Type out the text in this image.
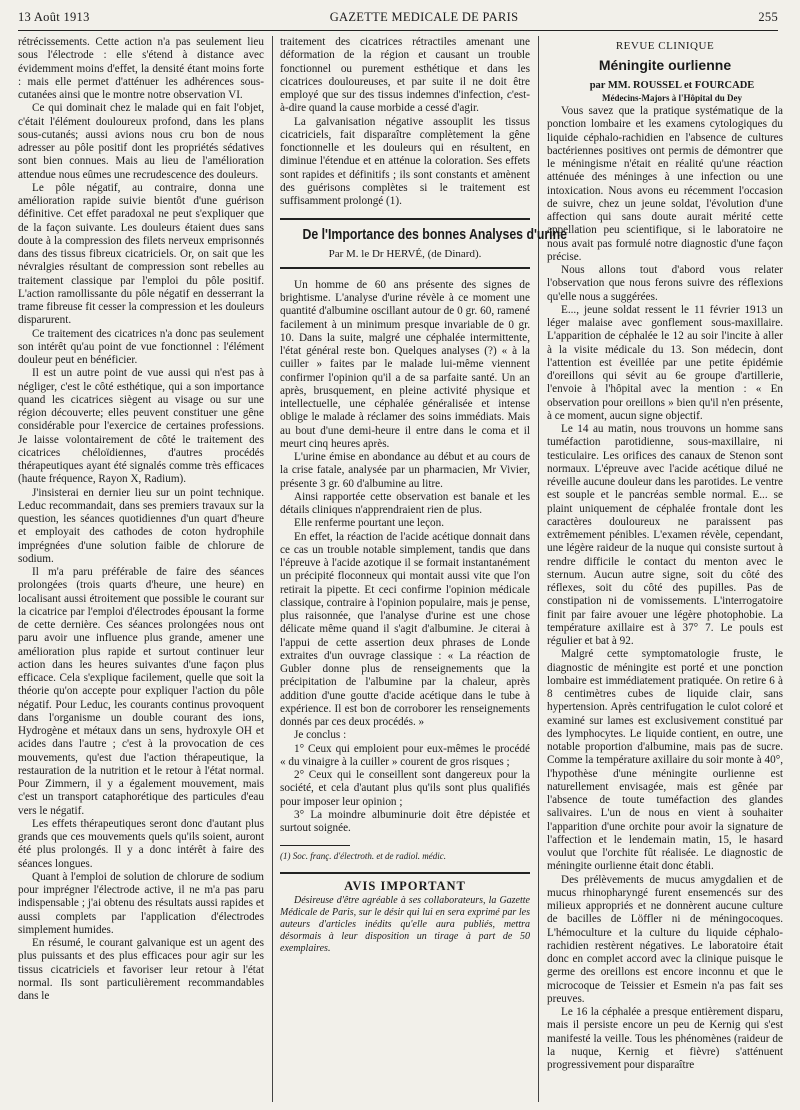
13 Août 1913	GAZETTE MEDICALE DE PARIS	255

rétrécissements. Cette action n'a pas seulement lieu sous l'électrode : elle s'étend à distance avec évidemment moins d'effet, la densité étant moins forte : mais elle permet d'atténuer les adhérences sous-cutanées ainsi que le montre notre observation VI.

Ce qui dominait chez le malade qui en fait l'objet, c'était l'élément douloureux profond, dans les plans sous-cutanés; aussi avions nous cru bon de nous adresser au pôle positif dont les propriétés sédatives sont bien connues. Mais au lieu de l'amélioration attendue nous eûmes une recrudescence des douleurs.

Le pôle négatif, au contraire, donna une amélioration rapide suivie bientôt d'une guérison définitive. Cet effet paradoxal ne peut s'expliquer que de la façon suivante. Les douleurs étaient dues sans doute à la compression des filets nerveux emprisonnés dans des tissus fibreux cicatriciels. Or, on sait que les névralgies résultant de compression sont rebelles au traitement classique par l'emploi du pôle positif. L'action ramollissante du pôle négatif en desserrant la trame fibreuse fit cesser la compression et les douleurs disparurent.

Ce traitement des cicatrices n'a donc pas seulement son intérêt qu'au point de vue fonctionnel : l'élément douleur peut en bénéficier.

Il est un autre point de vue aussi qui n'est pas à négliger, c'est le côté esthétique, qui a son importance quand les cicatrices siègent au visage ou sur une région découverte; elles peuvent constituer une gêne considérable pour l'exercice de certaines professions. Je laisse volontairement de côté le traitement des cicatrices chéloïdiennes, d'autres procédés thérapeutiques ayant été signalés comme très efficaces (haute fréquence, Rayon X, Radium).

J'insisterai en dernier lieu sur un point technique. Leduc recommandait, dans ses premiers travaux sur la question, les séances quotidiennes d'un quart d'heure et employait des cathodes de coton hydrophile imprégnées d'une solution faible de chlorure de sodium.

Il m'a paru préférable de faire des séances prolongées (trois quarts d'heure, une heure) en localisant aussi étroitement que possible le courant sur la cicatrice par l'emploi d'électrodes épousant la forme de cette dernière. Ces séances prolongées nous ont paru avoir une influence plus grande, amener une amélioration plus rapide et surtout continuer leur action dans les heures suivantes d'une façon plus efficace. Cela s'explique facilement, quelle que soit la théorie qu'on accepte pour expliquer l'action du pôle négatif. Pour Leduc, les courants continus provoquent dans l'organisme un double courant des ions, Hydrogène et métaux dans un sens, hydroxyle OH et acides dans l'autre ; c'est à la provocation de ces mouvements, qu'est due l'action thérapeutique, la restauration de la nutrition et le retour à l'état normal. Pour Zimmern, il y a également mouvement, mais c'est un transport cataphorétique des particules d'eau vers le négatif.

Les effets thérapeutiques seront donc d'autant plus grands que ces mouvements quels qu'ils soient, auront été plus prolongés. Il y a donc intérêt à faire des séances longues.

Quant à l'emploi de solution de chlorure de sodium pour imprégner l'électrode active, il ne m'a pas paru indispensable ; j'ai obtenu des résultats aussi rapides et aussi complets par l'application d'électrodes simplement humides.

En résumé, le courant galvanique est un agent des plus puissants et des plus efficaces pour agir sur les tissus cicatriciels et favoriser leur retour à l'état normal. Ils sont particulièrement recommandables dans le

traitement des cicatrices rétractiles amenant une déformation de la région et causant un trouble fonctionnel ou purement esthétique et dans les cicatrices douloureuses, et par suite il ne doit être employé que sur des tissus indemnes d'infection, c'est-à-dire quand la cause morbide a cessé d'agir.

La galvanisation négative assouplit les tissus cicatriciels, fait disparaître complètement la gêne fonctionnelle et les douleurs qui en résultent, en diminue l'étendue et en atténue la coloration. Ses effets sont rapides et définitifs ; ils sont constants et amènent des guérisons complètes si le traitement est suffisamment prolongé (1).

De l'Importance des bonnes Analyses d'urine
Par M. le Dr HERVÉ, (de Dinard).

Un homme de 60 ans présente des signes de brightisme. L'analyse d'urine révèle à ce moment une quantité d'albumine oscillant autour de 0 gr. 60, ramené facilement à un minimum presque invariable de 0 gr. 10. Dans la suite, malgré une céphalée intermittente, l'état général reste bon. Quelques analyses (?) « à la cuiller » faites par le malade lui-même viennent confirmer l'opinion qu'il a de sa parfaite santé. Un an après, brusquement, en pleine activité physique et intellectuelle, une céphalée généralisée et intense oblige le malade à réclamer des soins immédiats. Mais au bout d'une demi-heure il entre dans le coma et il meurt cinq heures après.

L'urine émise en abondance au début et au cours de la crise fatale, analysée par un pharmacien, Mr Vivier, présente 3 gr. 60 d'albumine au litre.

Ainsi rapportée cette observation est banale et les détails cliniques n'apprendraient rien de plus.

Elle renferme pourtant une leçon.

En effet, la réaction de l'acide acétique donnait dans ce cas un trouble notable simplement, tandis que dans l'épreuve à l'acide azotique il se formait instantanément un précipité floconneux qui montait aussi vite que l'on retirait la pipette. Et ceci confirme l'opinion médicale classique, contraire à l'opinion populaire, mais je pense, plus raisonnée, que l'analyse d'urine est une chose délicate même quand il s'agit d'albumine. Je citerai à l'appui de cette assertion deux phrases de Londe extraites d'un ouvrage classique : « La réaction de Gubler donne plus de renseignements que la précipitation de l'albumine par la chaleur, après addition d'une goutte d'acide acétique dans le tube à expérience. Il est bon de corroborer les renseignements donnés par ces deux procédés. »

Je conclus :

1° Ceux qui emploient pour eux-mêmes le procédé « du vinaigre à la cuiller » courent de gros risques ;

2° Ceux qui le conseillent sont dangereux pour la société, et cela d'autant plus qu'ils sont plus qualifiés pour imposer leur opinion ;

3° La moindre albuminurie doit être dépistée et surtout soignée.

(1) Soc. franç. d'électroth. et de radiol. médic.

AVIS IMPORTANT

Désireuse d'être agréable à ses collaborateurs, la Gazette Médicale de Paris, sur le désir qui lui en sera exprimé par les auteurs d'articles inédits qu'elle aura publiés, mettra désormais à leur disposition un tirage à part de 50 exemplaires.

REVUE CLINIQUE
Méningite ourlienne

par MM. ROUSSEL et FOURCADE

Médecins-Majors à l'Hôpital du Dey

Vous savez que la pratique systématique de la ponction lombaire et les examens cytologiques du liquide céphalo-rachidien en l'absence de cultures bactériennes positives ont permis de démontrer que le méningisme n'était en réalité qu'une réaction atténuée des méninges à une infection ou une intoxication. Nous avons eu récemment l'occasion de suivre, chez un jeune soldat, l'évolution d'une affection qui sans doute aurait mérité cette appellation peu scientifique, si le laboratoire ne nous avait pas formulé notre diagnostic d'une façon précise.

Nous allons tout d'abord vous relater l'observation que nous ferons suivre des réflexions qu'elle nous a suggérées.

E..., jeune soldat ressent le 11 février 1913 un léger malaise avec gonflement sous-maxillaire. L'apparition de céphalée le 12 au soir l'incite à aller à la visite médicale du 13. Son médecin, dont l'attention est éveillée par une petite épidémie d'oreillons qui sévit au 6e groupe d'artillerie, l'envoie à l'hôpital avec la mention : « En observation pour oreillons » bien qu'il n'en présente, à ce moment, aucun signe objectif.

Le 14 au matin, nous trouvons un homme sans tuméfaction parotidienne, sous-maxillaire, ni testiculaire. Les orifices des canaux de Stenon sont normaux. L'épreuve avec l'acide acétique dilué ne réveille aucune douleur dans les parotides. Le ventre est souple et le pancréas semble normal. E... se plaint uniquement de céphalée frontale dont les caractères douloureux ne paraissent pas extrêmement pénibles. L'examen révèle, cependant, une légère raideur de la nuque qui consiste surtout à rendre difficile le contact du menton avec le sternum. Aucun autre signe, soit du côté des réflexes, soit du côté des pupilles. Pas de constipation ni de vomissements. L'interrogatoire finit par faire avouer une légère photophobie. La température axillaire est à 37° 7. Le pouls est régulier et bat à 92.

Malgré cette symptomatologie fruste, le diagnostic de méningite est porté et une ponction lombaire est immédiatement pratiquée. On retire 6 à 8 centimètres cubes de liquide clair, sans hypertension. Après centrifugation le culot coloré et examiné sur lames est exclusivement constitué par des lymphocytes. Le liquide contient, en outre, une notable proportion d'albumine, mais pas de sucre. Comme la température axillaire du soir monte à 40°, l'hypothèse d'une méningite ourlienne est naturellement envisagée, mais est gênée par l'absence de toute tuméfaction des glandes salivaires. L'un de nous en vient à souhaiter l'apparition d'une orchite pour avoir la signature de l'affection et le lendemain matin, 15, le hasard voulut que l'orchite fût réalisée. Le diagnostic de méningite ourlienne était donc établi.

Des prélèvements de mucus amygdalien et de mucus rhinopharyngé furent ensemencés sur des milieux appropriés et ne donnèrent aucune culture de bacilles de Löffler ni de méningocoques. L'hémoculture et la culture du liquide céphalo-rachidien restèrent négatives. Le laboratoire était donc en complet accord avec la clinique puisque le germe des oreillons est encore inconnu et que le microcoque de Teissier et Esmein n'a pas fait ses preuves.

Le 16 la céphalée a presque entièrement disparu, mais il persiste encore un peu de Kernig qui s'est manifesté la veille. Tous les phénomènes (raideur de la nuque, Kernig et fièvre) s'atténuent progressivement pour disparaître
